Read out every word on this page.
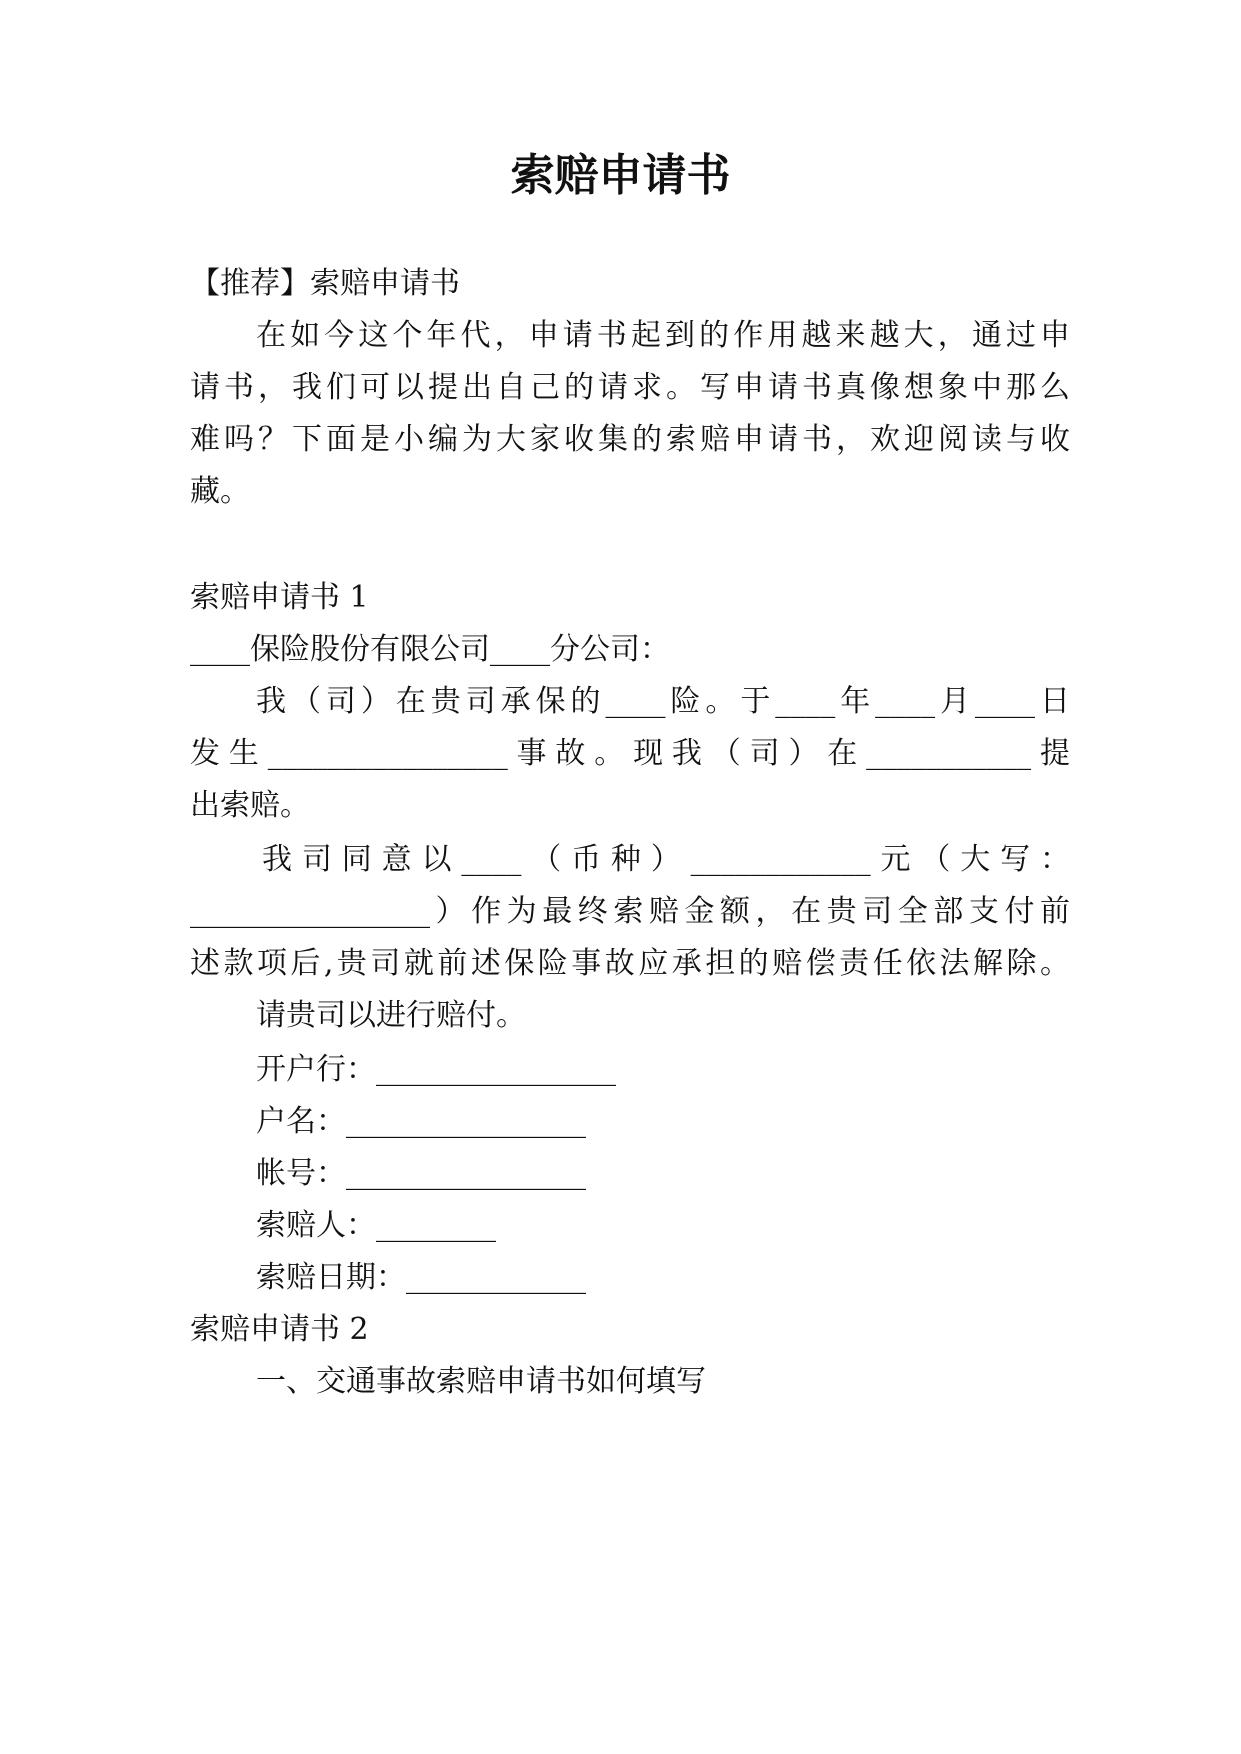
索赔申请书
【推荐】索赔申请书
在如今这个年代，申请书起到的作用越来越大，通过申
请书，我们可以提出自己的请求。写申请书真像想象中那么
难吗？下面是小编为大家收集的索赔申请书，欢迎阅读与收
藏。
索赔申请书 1
____保险股份有限公司____分公司：
我（司）在贵司承保的____险。于____年____月____日
发生________________事故。现我（司）在___________提
出索赔。
我司同意以____（币种）____________元（大写：
________________）作为最终索赔金额，在贵司全部支付前
述款项后,贵司就前述保险事故应承担的赔偿责任依法解除。
请贵司以进行赔付。
开户行：________________
户名：________________
帐号：________________
索赔人：________
索赔日期：____________
索赔申请书 2
一、交通事故索赔申请书如何填写
